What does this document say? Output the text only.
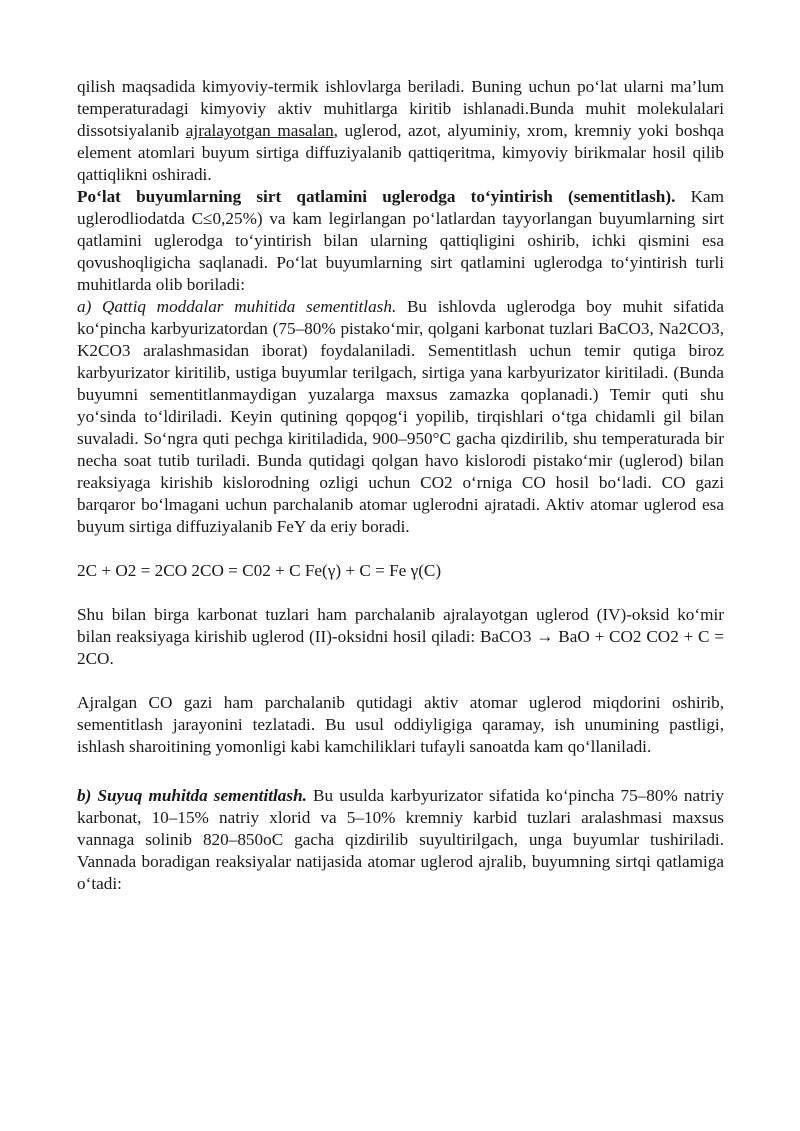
qilish maqsadida kimyoviy-termik ishlovlarga beriladi. Buning uchun po‘lat ularni ma’lum temperaturadagi kimyoviy aktiv muhitlarga kiritib ishlanadi.Bunda muhit molekulalari dissotsiyalanib ajralayotgan masalan, uglerod, azot, alyuminiy, xrom, kremniy yoki boshqa element atomlari buyum sirtiga diffuziyalanib qattiqeritma, kimyoviy birikmalar hosil qilib qattiqlikni oshiradi.

Po‘lat buyumlarning sirt qatlamini uglerodga to‘yintirish (sementitlash). Kam uglerodliodatda C≤0,25%) va kam legirlangan po‘latlardan tayyorlangan buyumlarning sirt qatlamini uglerodga to‘yintirish bilan ularning qattiqligini oshirib, ichki qismini esa qovushoqligicha saqlanadi. Po‘lat buyumlarning sirt qatlamini uglerodga to‘yintirish turli muhitlarda olib boriladi:

a) Qattiq moddalar muhitida sementitlash. Bu ishlovda uglerodga boy muhit sifatida ko‘pincha karbyurizatordan (75–80% pistako‘mir, qolgani karbonat tuzlari BaCO3, Na2CO3, K2CO3 aralashmasidan iborat) foydalaniladi. Sementitlash uchun temir qutiga biroz karbyurizator kiritilib, ustiga buyumlar terilgach, sirtiga yana karbyurizator kiritiladi. (Bunda buyumni sementitlanmaydigan yuzalarga maxsus zamazka qoplanadi.) Temir quti shu yo‘sinda to‘ldiriladi. Keyin qutining qopqog‘i yopilib, tirqishlari o‘tga chidamli gil bilan suvaladi. So‘ngra quti pechga kiritiladida, 900–950°C gacha qizdirilib, shu temperaturada bir necha soat tutib turiladi. Bunda qutidagi qolgan havo kislorodi pistako‘mir (uglerod) bilan reaksiyaga kirishib kislorodning ozligi uchun CO2 o‘rniga CO hosil bo‘ladi. CO gazi barqaror bo‘lmagani uchun parchalanib atomar uglerodni ajratadi. Aktiv atomar uglerod esa buyum sirtiga diffuziyalanib FeY da eriy boradi.

2C + O2 = 2CO 2CO = C02 + C Fe(γ) + C = Fe γ(C)

Shu bilan birga karbonat tuzlari ham parchalanib ajralayotgan uglerod (IV)-oksid ko‘mir bilan reaksiyaga kirishib uglerod (II)-oksidni hosil qiladi: BaCO3 → BaO + CO2 CO2 + C = 2CO.

Ajralgan CO gazi ham parchalanib qutidagi aktiv atomar uglerod miqdorini oshirib, sementitlash jarayonini tezlatadi. Bu usul oddiyligiga qaramay, ish unumining pastligi, ishlash sharoitining yomonligi kabi kamchiliklari tufayli sanoatda kam qo‘llaniladi.

b) Suyuq muhitda sementitlash. Bu usulda karbyurizator sifatida ko‘pincha 75–80% natriy karbonat, 10–15% natriy xlorid va 5–10% kremniy karbid tuzlari aralashmasi maxsus vannaga solinib 820–850oC gacha qizdirilib suyultirilgach, unga buyumlar tushiriladi. Vannada boradigan reaksiyalar natijasida atomar uglerod ajralib, buyumning sirtqi qatlamiga o‘tadi:
